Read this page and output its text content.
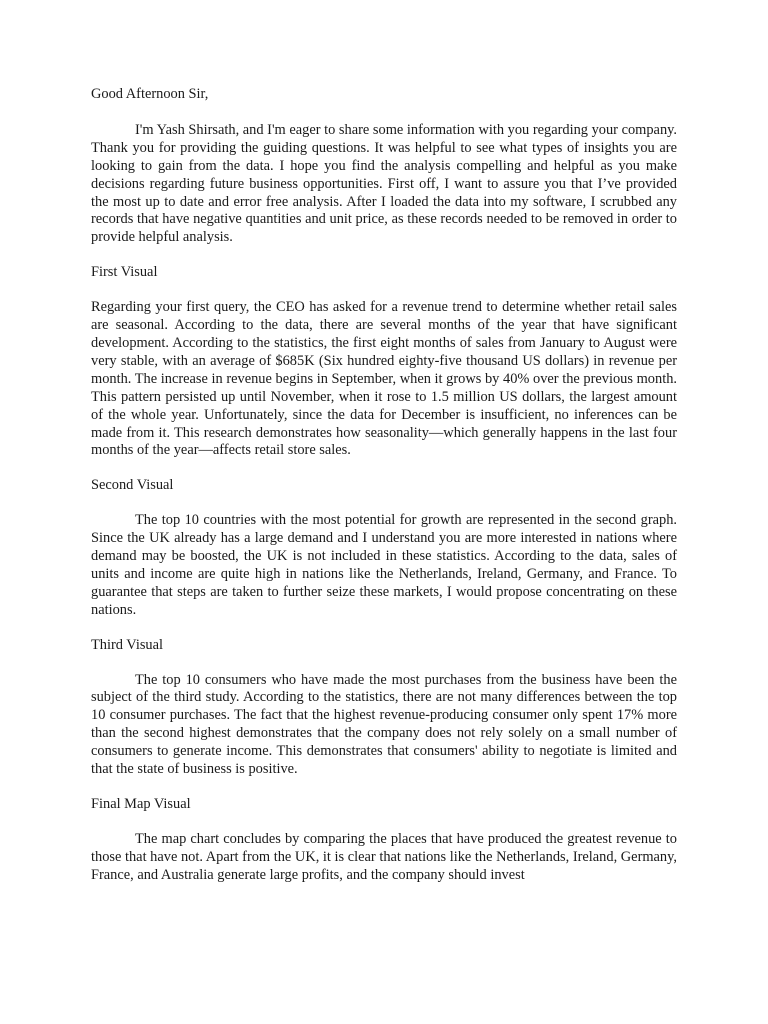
Good Afternoon Sir,

I'm Yash Shirsath, and I'm eager to share some information with you regarding your company. Thank you for providing the guiding questions. It was helpful to see what types of insights you are looking to gain from the data. I hope you find the analysis compelling and helpful as you make decisions regarding future business opportunities. First off, I want to assure you that I’ve provided the most up to date and error free analysis. After I loaded the data into my software, I scrubbed any records that have negative quantities and unit price, as these records needed to be removed in order to provide helpful analysis.

First Visual

Regarding your first query, the CEO has asked for a revenue trend to determine whether retail sales are seasonal. According to the data, there are several months of the year that have significant development. According to the statistics, the first eight months of sales from January to August were very stable, with an average of $685K (Six hundred eighty-five thousand US dollars) in revenue per month. The increase in revenue begins in September, when it grows by 40% over the previous month. This pattern persisted up until November, when it rose to 1.5 million US dollars, the largest amount of the whole year. Unfortunately, since the data for December is insufficient, no inferences can be made from it. This research demonstrates how seasonality—which generally happens in the last four months of the year—affects retail store sales.

Second Visual

The top 10 countries with the most potential for growth are represented in the second graph. Since the UK already has a large demand and I understand you are more interested in nations where demand may be boosted, the UK is not included in these statistics. According to the data, sales of units and income are quite high in nations like the Netherlands, Ireland, Germany, and France. To guarantee that steps are taken to further seize these markets, I would propose concentrating on these nations.

Third Visual

The top 10 consumers who have made the most purchases from the business have been the subject of the third study. According to the statistics, there are not many differences between the top 10 consumer purchases. The fact that the highest revenue-producing consumer only spent 17% more than the second highest demonstrates that the company does not rely solely on a small number of consumers to generate income. This demonstrates that consumers' ability to negotiate is limited and that the state of business is positive.

Final Map Visual

The map chart concludes by comparing the places that have produced the greatest revenue to those that have not. Apart from the UK, it is clear that nations like the Netherlands, Ireland, Germany, France, and Australia generate large profits, and the company should invest
